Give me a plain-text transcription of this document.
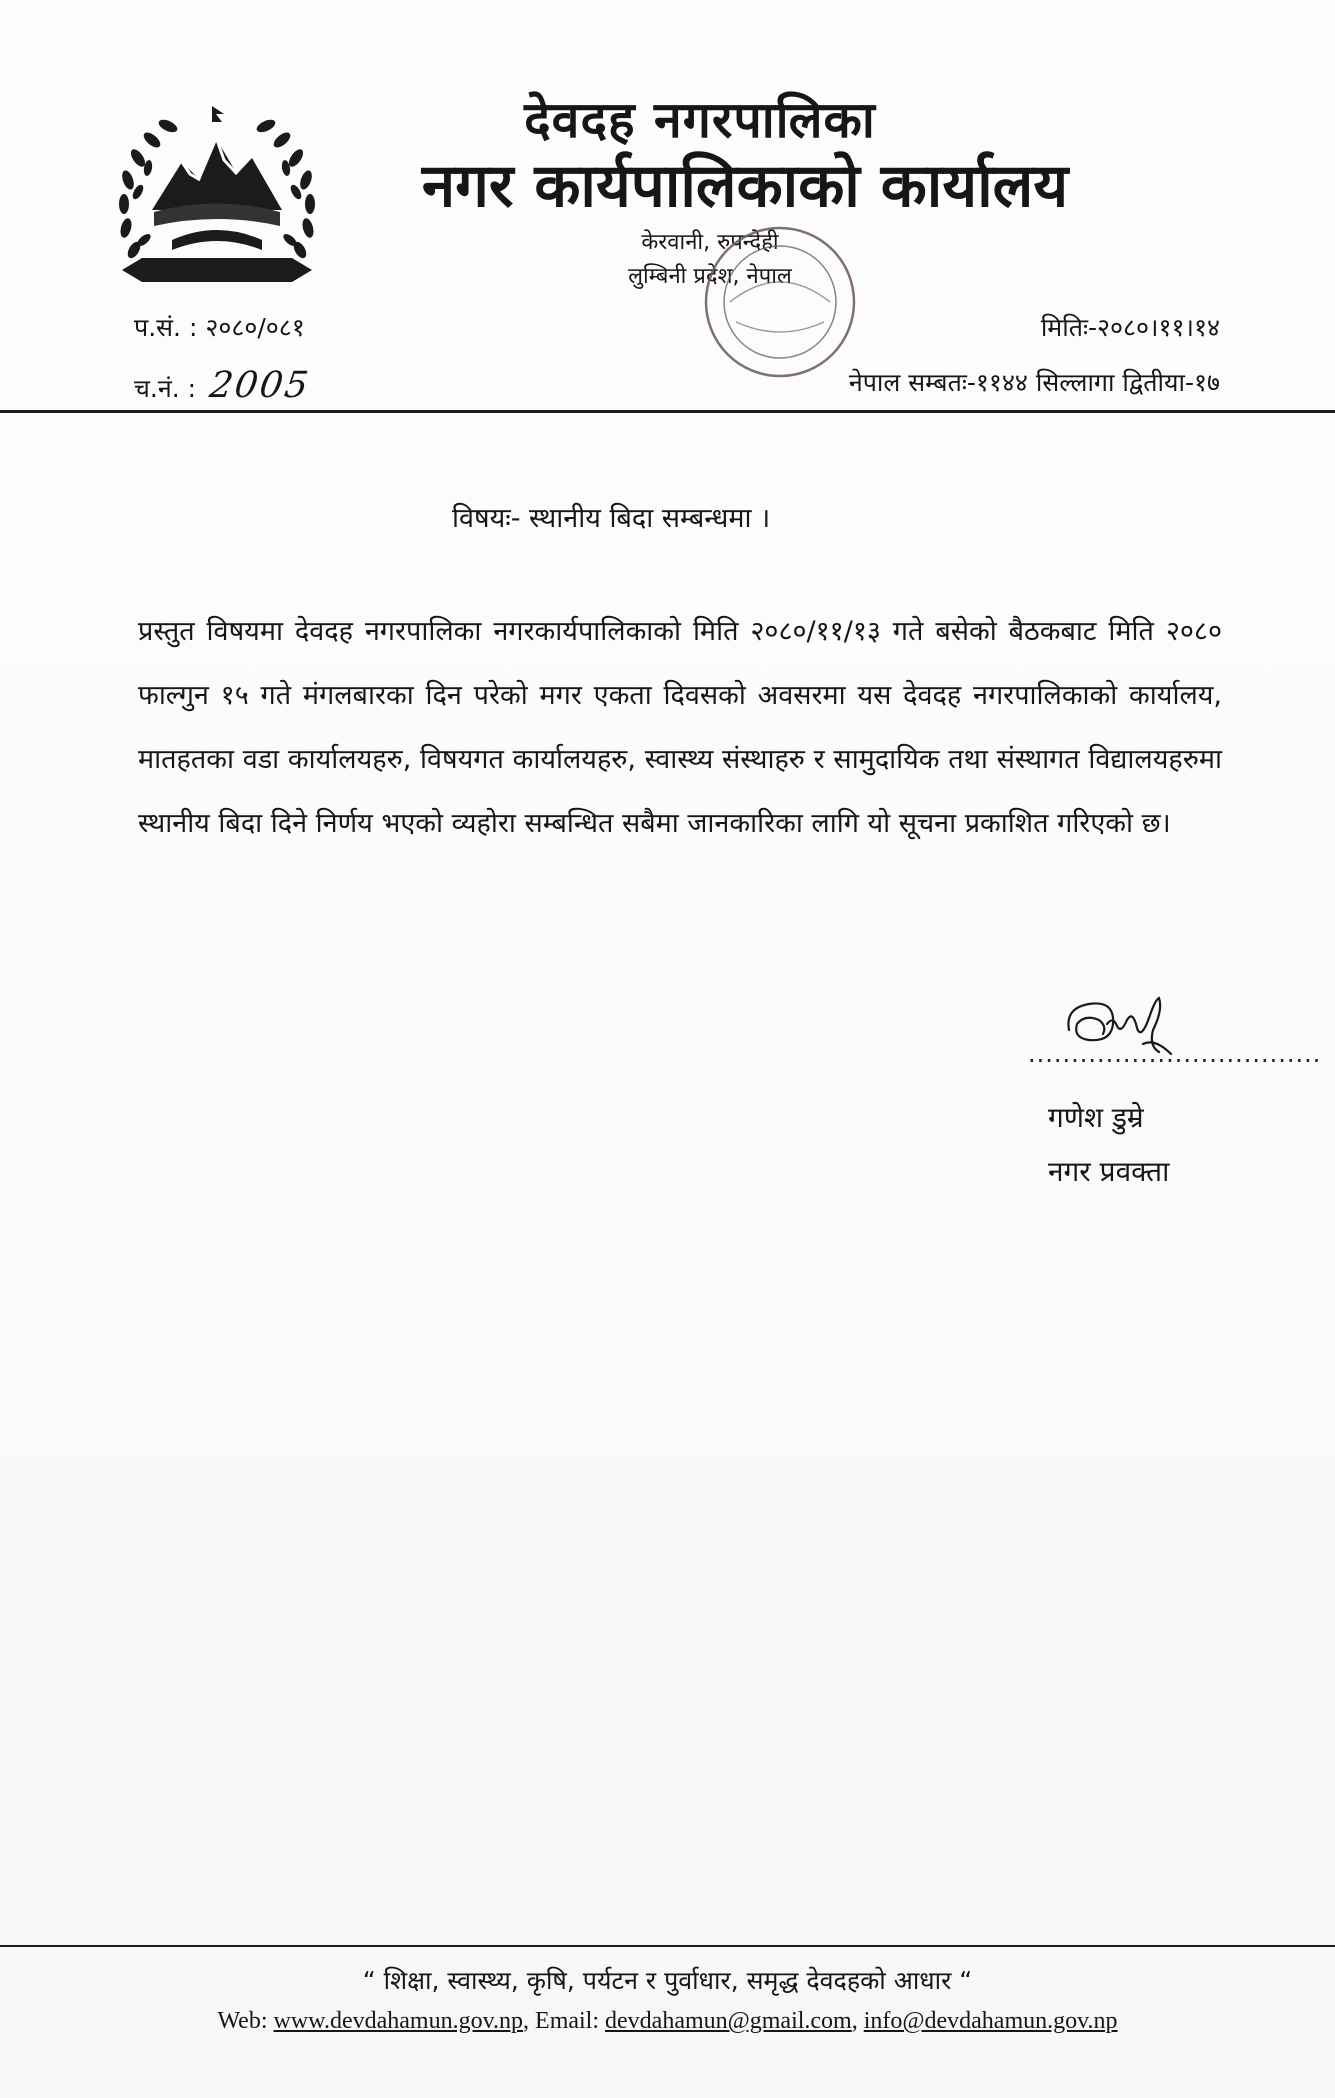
देवदह नगरपालिका
नगर कार्यपालिकाको कार्यालय
केरवानी, रुपन्देही
लुम्बिनी प्रदेश, नेपाल
प.सं. : २०८०/०८१
च.नं. : 2005
मितिः-२०८०।११।१४
नेपाल सम्बतः-११४४ सिल्लागा द्वितीया-१७
विषयः- स्थानीय बिदा सम्बन्धमा ।
प्रस्तुत विषयमा देवदह नगरपालिका नगरकार्यपालिकाको मिति २०८०/११/१३ गते बसेको बैठकबाट मिति २०८० फाल्गुन १५ गते मंगलबारका दिन परेको मगर एकता दिवसको अवसरमा यस देवदह नगरपालिकाको कार्यालय, मातहतका वडा कार्यालयहरु, विषयगत कार्यालयहरु, स्वास्थ्य संस्थाहरु र सामुदायिक तथा संस्थागत विद्यालयहरुमा स्थानीय बिदा दिने निर्णय भएको व्यहोरा सम्बन्धित सबैमा जानकारिका लागि यो सूचना प्रकाशित गरिएको छ।
..................................
गणेश डुम्रे
नगर प्रवक्ता
“ शिक्षा, स्वास्थ्य, कृषि, पर्यटन र पुर्वाधार, समृद्ध देवदहको आधार “
Web: www.devdahamun.gov.np, Email: devdahamun@gmail.com, info@devdahamun.gov.np
